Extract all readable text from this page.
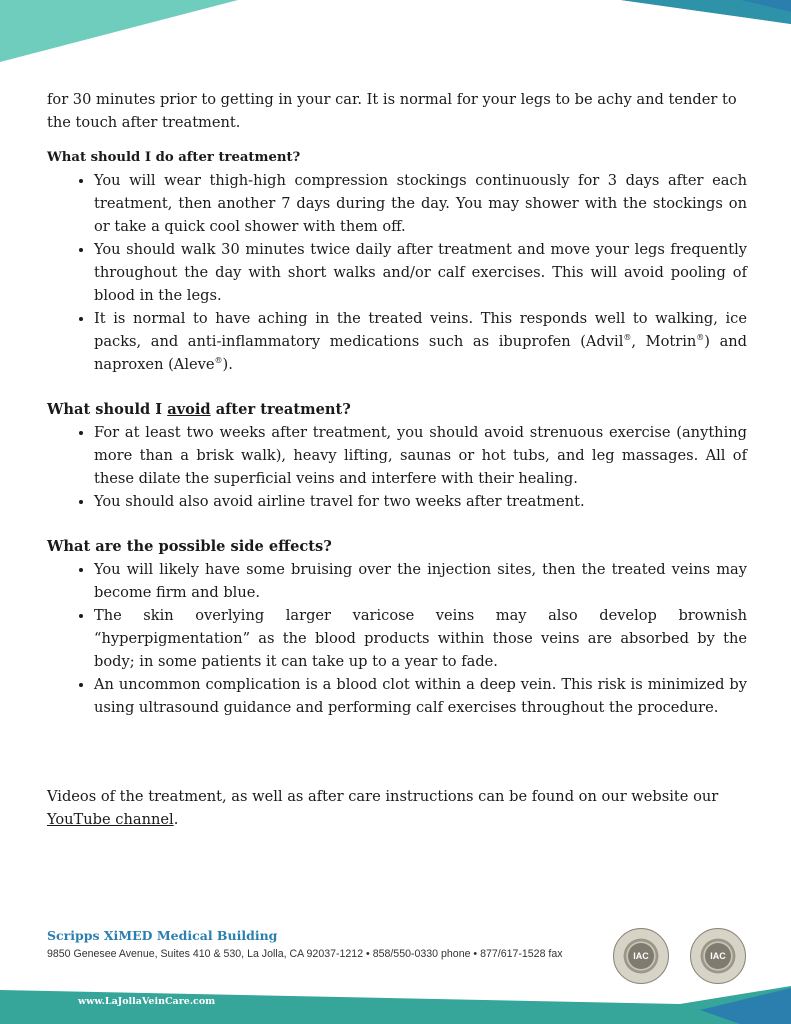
for 30 minutes prior to getting in your car. It is normal for your legs to be achy and tender to the touch after treatment.

What should I do after treatment?

• You will wear thigh-high compression stockings continuously for 3 days after each treatment, then another 7 days during the day. You may shower with the stockings on or take a quick cool shower with them off.
• You should walk 30 minutes twice daily after treatment and move your legs frequently throughout the day with short walks and/or calf exercises. This will avoid pooling of blood in the legs.
• It is normal to have aching in the treated veins. This responds well to walking, ice packs, and anti-inflammatory medications such as ibuprofen (Advil®, Motrin®) and naproxen (Aleve®).

What should I avoid after treatment?

• For at least two weeks after treatment, you should avoid strenuous exercise (anything more than a brisk walk), heavy lifting, saunas or hot tubs, and leg massages. All of these dilate the superficial veins and interfere with their healing.
• You should also avoid airline travel for two weeks after treatment.

What are the possible side effects?

• You will likely have some bruising over the injection sites, then the treated veins may become firm and blue.
• The skin overlying larger varicose veins may also develop brownish “hyperpigmentation” as the blood products within those veins are absorbed by the body; in some patients it can take up to a year to fade.
• An uncommon complication is a blood clot within a deep vein. This risk is minimized by using ultrasound guidance and performing calf exercises throughout the procedure.

Videos of the treatment, as well as after care instructions can be found on our website our YouTube channel.

Scripps XiMED Medical Building
9850 Genesee Avenue, Suites 410 & 530, La Jolla, CA 92037-1212 • 858/550-0330 phone • 877/617-1528 fax	IAC	IAC
www.LaJollaVeinCare.com
